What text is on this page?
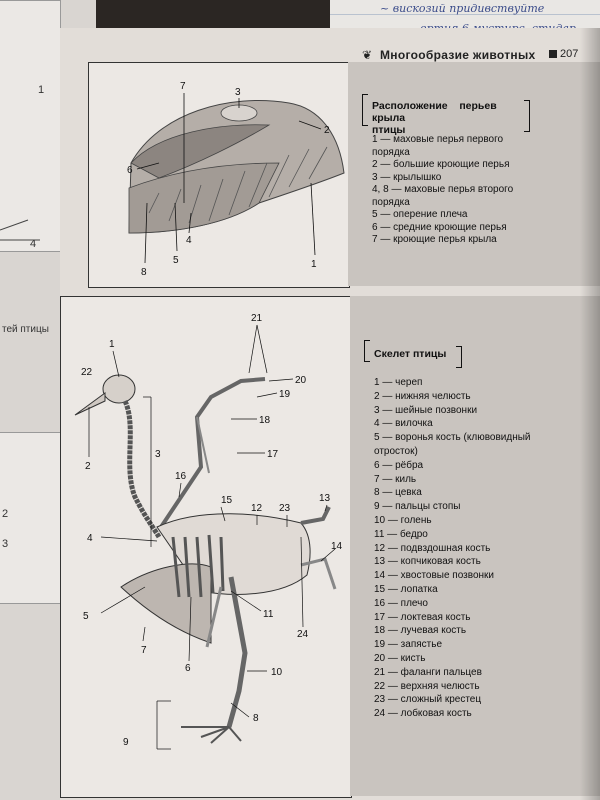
~ вискозий придивствуйте
1
4
тей птицы
2
3
❦ Многообразие животных 207
7
3
2
6
4
8
5	1
Расположение перьев   крыла
птицы
1 — маховые перья первого
порядка
2 — большие кроющие перья
3 — крылышко
4, 8 — маховые перья второго
порядка
5 — оперение плеча
6 — средние кроющие перья
7 — кроющие перья крыла
1
22
2
3
4
5
7
6	10
8
9
11
24
12 23
13
14
15
16
17
18
19
20
21
Скелет птицы
1 — череп
2 — нижняя челюсть
3 — шейные позвонки
4 — вилочка
5 — воронья кость (клювовидный
отросток)
6 — рёбра
7 — киль
8 — цевка
9 — пальцы стопы
10 — голень
11 — бедро
12 — подвздошная кость
13 — копчиковая кость
14 — хвостовые позвонки
15 — лопатка
16 — плечо
17 — локтевая кость
18 — лучевая кость
19 — запястье
20 — кисть
21 — фаланги пальцев
22 — верхняя челюсть
23 — сложный крестец
24 — лобковая кость
